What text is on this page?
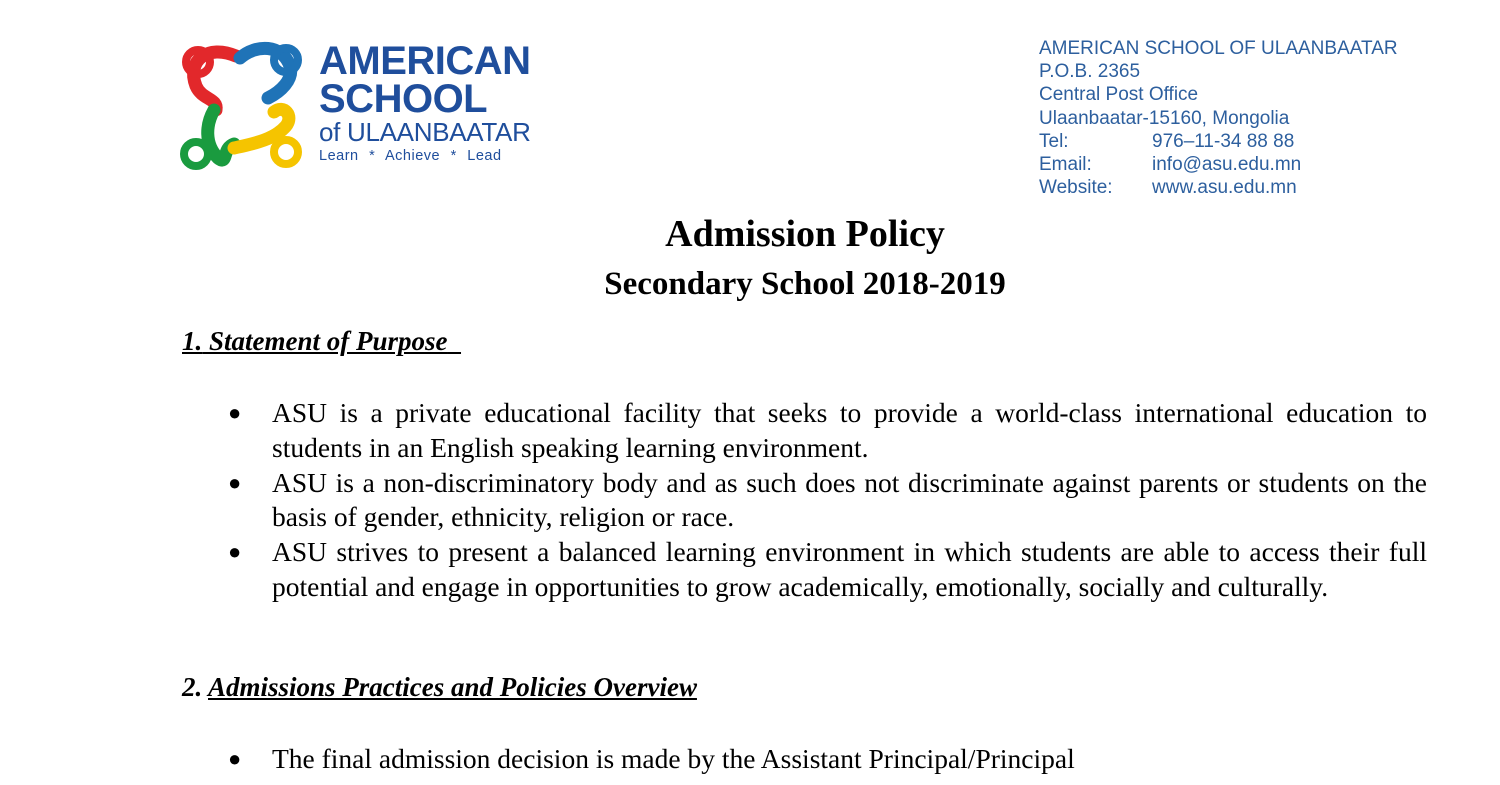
AMERICAN
SCHOOL
of ULAANBAATAR
Learn * Achieve * Lead
AMERICAN SCHOOL OF ULAANBAATAR
P.O.B. 2365
Central Post Office
Ulaanbaatar-15160, Mongolia
Tel:	976–11-34 88 88
Email:	info@asu.edu.mn
Website: www.asu.edu.mn
Admission Policy
Secondary School 2018-2019
1. Statement of Purpose
● ASU is a private educational facility that seeks to provide a world-class international education to students in an English speaking learning environment.
● ASU is a non-discriminatory body and as such does not discriminate against parents or students on the basis of gender, ethnicity, religion or race.
● ASU strives to present a balanced learning environment in which students are able to access their full potential and engage in opportunities to grow academically, emotionally, socially and culturally.
2. Admissions Practices and Policies Overview
● The final admission decision is made by the Assistant Principal/Principal
